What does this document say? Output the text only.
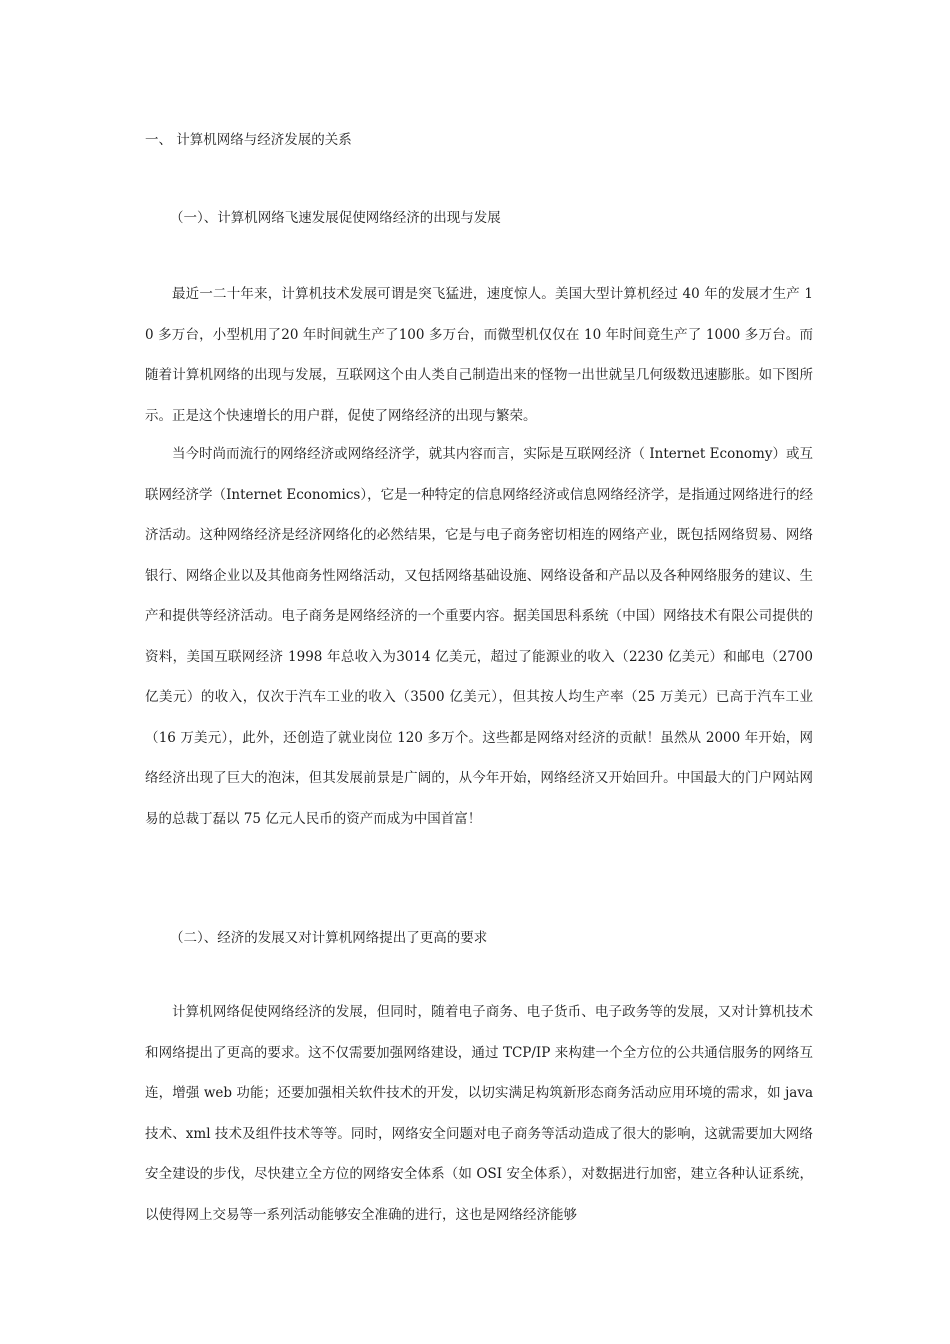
一、 计算机网络与经济发展的关系
（一）、计算机网络飞速发展促使网络经济的出现与发展

最近一二十年来，计算机技术发展可谓是突飞猛进，速度惊人。美国大型计算机经过 40 年的发展才生产 10 多万台，小型机用了20 年时间就生产了100 多万台，而微型机仅仅在 10 年时间竟生产了 1000 多万台。而随着计算机网络的出现与发展，互联网这个由人类自己制造出来的怪物一出世就呈几何级数迅速膨胀。如下图所示。正是这个快速增长的用户群，促使了网络经济的出现与繁荣。

当今时尚而流行的网络经济或网络经济学，就其内容而言，实际是互联网经济（ Internet Economy）或互联网经济学（Internet Economics），它是一种特定的信息网络经济或信息网络经济学，是指通过网络进行的经济活动。这种网络经济是经济网络化的必然结果，它是与电子商务密切相连的网络产业，既包括网络贸易、网络银行、网络企业以及其他商务性网络活动，又包括网络基础设施、网络设备和产品以及各种网络服务的建议、生产和提供等经济活动。电子商务是网络经济的一个重要内容。据美国思科系统（中国）网络技术有限公司提供的资料，美国互联网经济 1998 年总收入为3014 亿美元，超过了能源业的收入（2230 亿美元）和邮电（2700 亿美元）的收入，仅次于汽车工业的收入（3500 亿美元），但其按人均生产率（25 万美元）已高于汽车工业（16 万美元），此外，还创造了就业岗位 120 多万个。这些都是网络对经济的贡献！虽然从 2000 年开始，网络经济出现了巨大的泡沫，但其发展前景是广阔的，从今年开始，网络经济又开始回升。中国最大的门户网站网易的总裁丁磊以 75 亿元人民币的资产而成为中国首富！

（二）、经济的发展又对计算机网络提出了更高的要求

计算机网络促使网络经济的发展，但同时，随着电子商务、电子货币、电子政务等的发展，又对计算机技术和网络提出了更高的要求。这不仅需要加强网络建设，通过 TCP/IP 来构建一个全方位的公共通信服务的网络互连，增强 web 功能；还要加强相关软件技术的开发，以切实满足构筑新形态商务活动应用环境的需求，如 java 技术、xml 技术及组件技术等等。同时，网络安全问题对电子商务等活动造成了很大的影响，这就需要加大网络安全建设的步伐，尽快建立全方位的网络安全体系（如 OSI 安全体系），对数据进行加密，建立各种认证系统，以使得网上交易等一系列活动能够安全准确的进行，这也是网络经济能够
